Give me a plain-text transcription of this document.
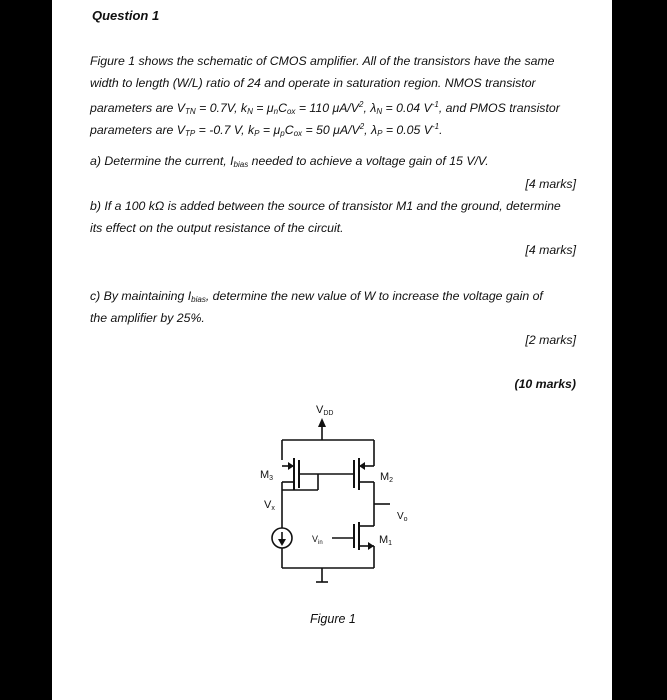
Question 1
Figure 1 shows the schematic of CMOS amplifier. All of the transistors have the same
width to length (W/L) ratio of 24 and operate in saturation region. NMOS transistor
parameters are $V_{TN} = 0.7V$, $k_N = \mu_nC_{ox} = 110$ $\mu A/V^2$, $\lambda_N = 0.04$ $V^{-1}$, and PMOS transistor
parameters are $V_{TP} = -0.7$ V, $k_P = \mu_pC_{ox} = 50$ $\mu A/V^2$, $\lambda_P = 0.05$ $V^{-1}$.
a) Determine the current, $I_{bias}$ needed to achieve a voltage gain of 15 V/V.
[4 marks]
b) If a 100 kΩ is added between the source of transistor M1 and the ground, determine
its effect on the output resistance of the circuit.
[4 marks]
c) By maintaining $I_{bias}$, determine the new value of W to increase the voltage gain of
the amplifier by 25%.
[2 marks]
(10 marks)
VDD
M3	M2
Vx
$V_o$
$V_{in}$	M1
Figure 1
